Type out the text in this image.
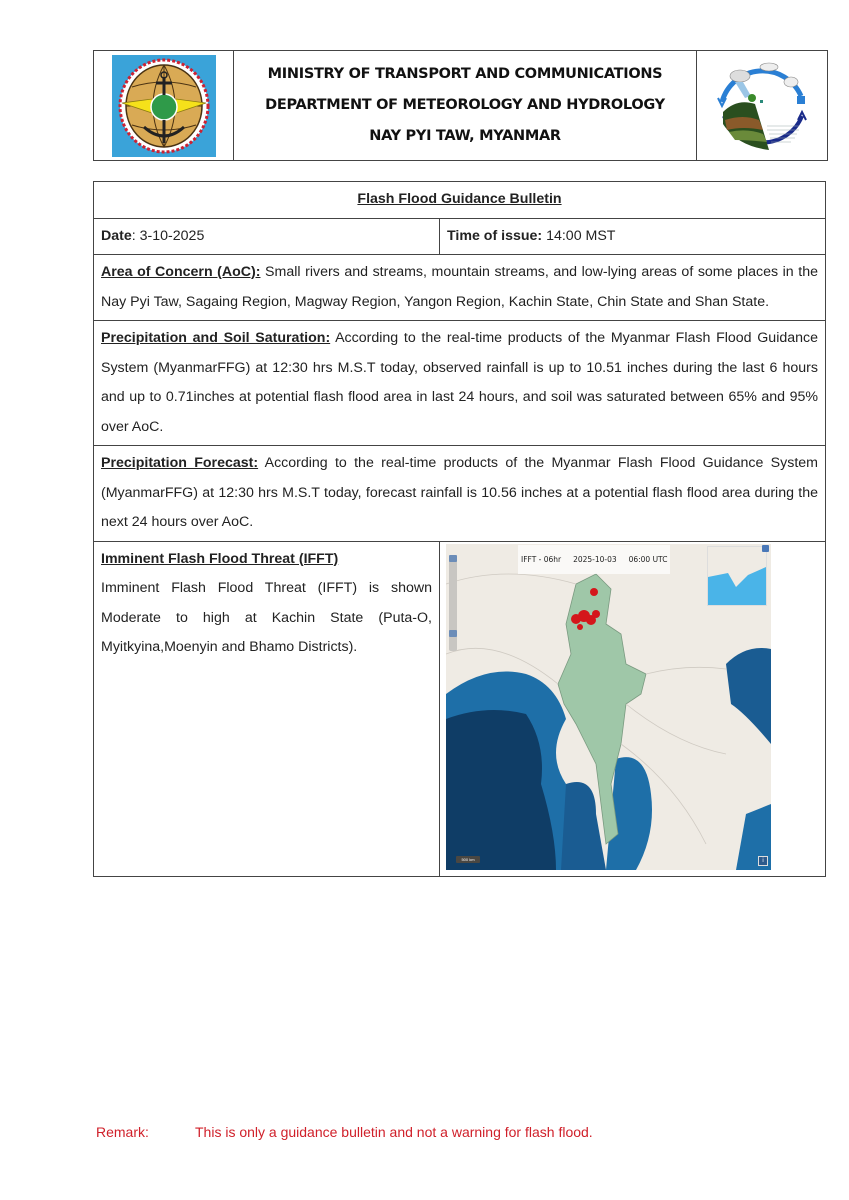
MINISTRY OF TRANSPORT AND COMMUNICATIONS
DEPARTMENT OF METEOROLOGY AND HYDROLOGY
NAY PYI TAW, MYANMAR
Flash Flood Guidance Bulletin	
Date: 3-10-2025	Time of issue: 14:00 MST
Area of Concern (AoC): Small rivers and streams, mountain streams, and low-lying areas of some places in the Nay Pyi Taw, Sagaing Region, Magway Region, Yangon Region, Kachin State, Chin State and Shan State.	
Precipitation and Soil Saturation: According to the real-time products of the Myanmar Flash Flood Guidance System (MyanmarFFG) at 12:30 hrs M.S.T today, observed rainfall is up to 10.51 inches during the last 6 hours and up to 0.71inches at potential flash flood area in last 24 hours, and soil was saturated between 65% and 95% over AoC.	
Precipitation Forecast: According to the real-time products of the Myanmar Flash Flood Guidance System (MyanmarFFG) at 12:30 hrs M.S.T today, forecast rainfall is 10.56 inches at a potential flash flood area during the next 24 hours over AoC.	

Imminent Flash Flood Threat (IFFT)
Imminent Flash Flood Threat (IFFT) is shown Moderate to high at Kachin State (Puta-O, Myitkyina,Moenyin and Bhamo Districts).

IFFT - 06hr     2025-10-03     06:00 UTC
500 km	i
Remark:	This is only a guidance bulletin and not a warning for flash flood.
